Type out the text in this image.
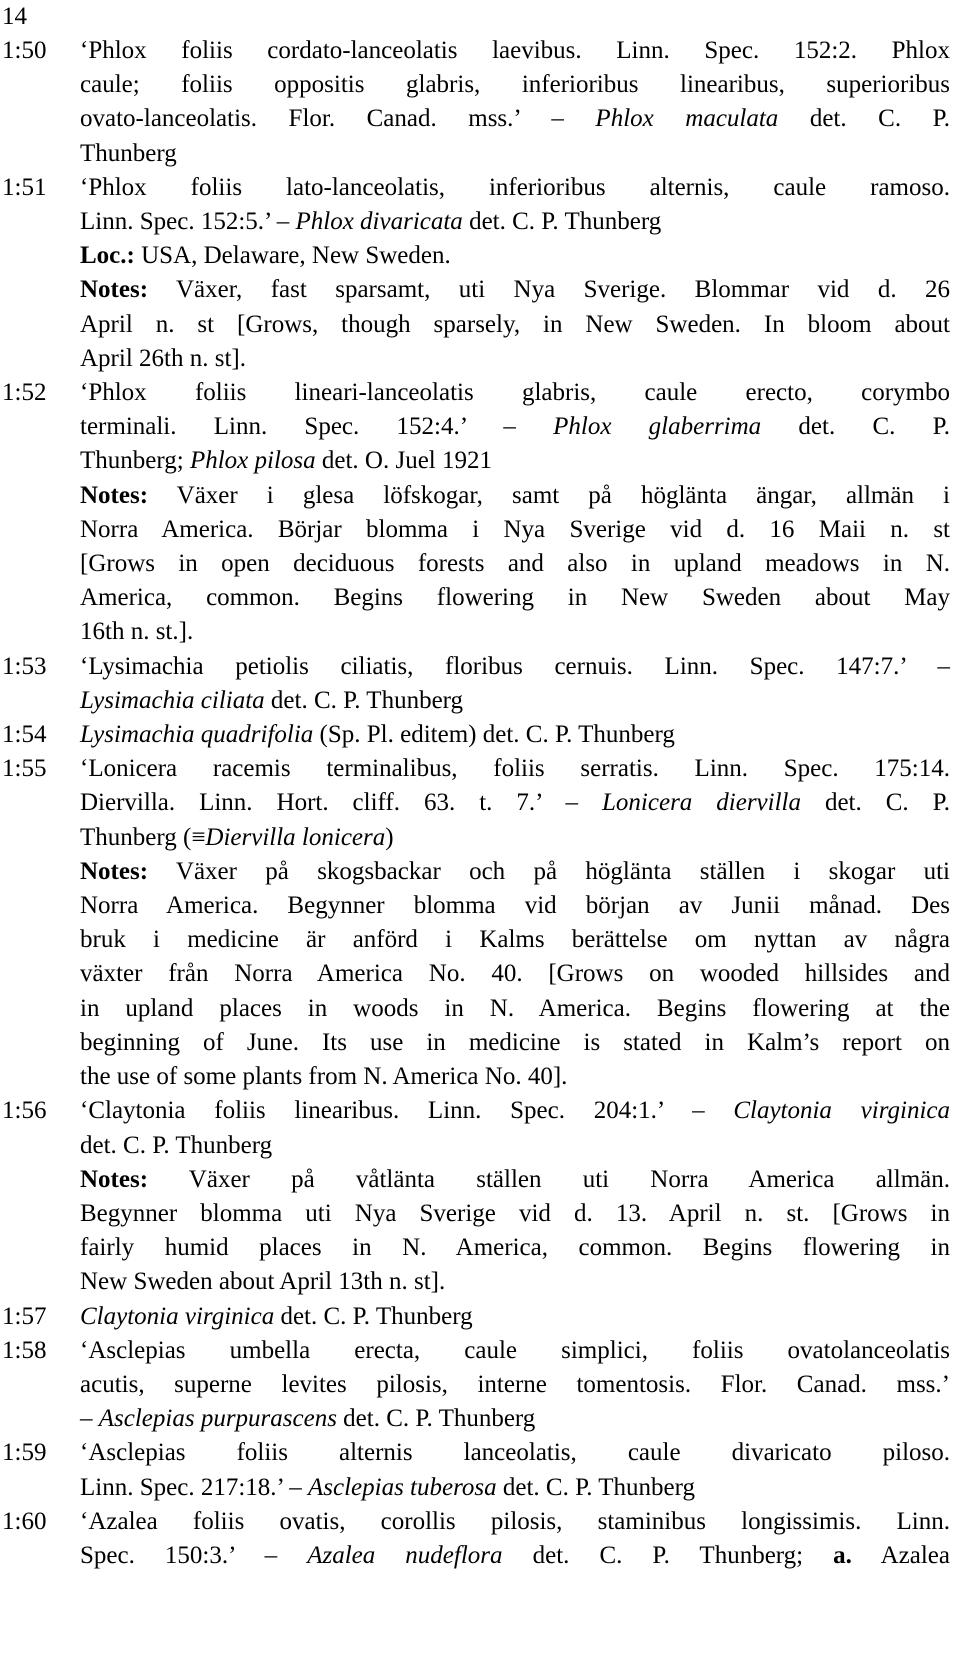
14
1:50 ‘Phlox foliis cordato-lanceolatis laevibus. Linn. Spec. 152:2. Phlox
caule; foliis oppositis glabris, inferioribus linearibus, superioribus
ovato-lanceolatis. Flor. Canad. mss.’ – Phlox maculata det. C. P.
Thunberg
1:51 ‘Phlox foliis lato-lanceolatis, inferioribus alternis, caule ramoso.
Linn. Spec. 152:5.’ – Phlox divaricata det. C. P. Thunberg
Loc.: USA, Delaware, New Sweden.
Notes: Växer, fast sparsamt, uti Nya Sverige. Blommar vid d. 26
April n. st [Grows, though sparsely, in New Sweden. In bloom about
April 26th n. st].
1:52 ‘Phlox foliis lineari-lanceolatis glabris, caule erecto, corymbo
terminali. Linn. Spec. 152:4.’ – Phlox glaberrima det. C. P.
Thunberg; Phlox pilosa det. O. Juel 1921
Notes: Växer i glesa löfskogar, samt på höglänta ängar, allmän i
Norra America. Börjar blomma i Nya Sverige vid d. 16 Maii n. st
[Grows in open deciduous forests and also in upland meadows in N.
America, common. Begins flowering in New Sweden about May
16th n. st.].
1:53 ‘Lysimachia petiolis ciliatis, floribus cernuis. Linn. Spec. 147:7.’ –
Lysimachia ciliata det. C. P. Thunberg
1:54 Lysimachia quadrifolia (Sp. Pl. editem) det. C. P. Thunberg
1:55 ‘Lonicera racemis terminalibus, foliis serratis. Linn. Spec. 175:14.
Diervilla. Linn. Hort. cliff. 63. t. 7.’ – Lonicera diervilla det. C. P.
Thunberg (≡Diervilla lonicera)
Notes: Växer på skogsbackar och på höglänta ställen i skogar uti
Norra America. Begynner blomma vid början av Junii månad. Des
bruk i medicine är anförd i Kalms berättelse om nyttan av några
växter från Norra America No. 40. [Grows on wooded hillsides and
in upland places in woods in N. America. Begins flowering at the
beginning of June. Its use in medicine is stated in Kalm’s report on
the use of some plants from N. America No. 40].
1:56 ‘Claytonia foliis linearibus. Linn. Spec. 204:1.’ – Claytonia virginica
det. C. P. Thunberg
Notes: Växer på våtlänta ställen uti Norra America allmän.
Begynner blomma uti Nya Sverige vid d. 13. April n. st. [Grows in
fairly humid places in N. America, common. Begins flowering in
New Sweden about April 13th n. st].
1:57 Claytonia virginica det. C. P. Thunberg
1:58 ‘Asclepias umbella erecta, caule simplici, foliis ovatolanceolatis
acutis, superne levites pilosis, interne tomentosis. Flor. Canad. mss.’
– Asclepias purpurascens det. C. P. Thunberg
1:59 ‘Asclepias foliis alternis lanceolatis, caule divaricato piloso.
Linn. Spec. 217:18.’ – Asclepias tuberosa det. C. P. Thunberg
1:60 ‘Azalea foliis ovatis, corollis pilosis, staminibus longissimis. Linn.
Spec. 150:3.’ – Azalea nudeflora det. C. P. Thunberg; a. Azalea
